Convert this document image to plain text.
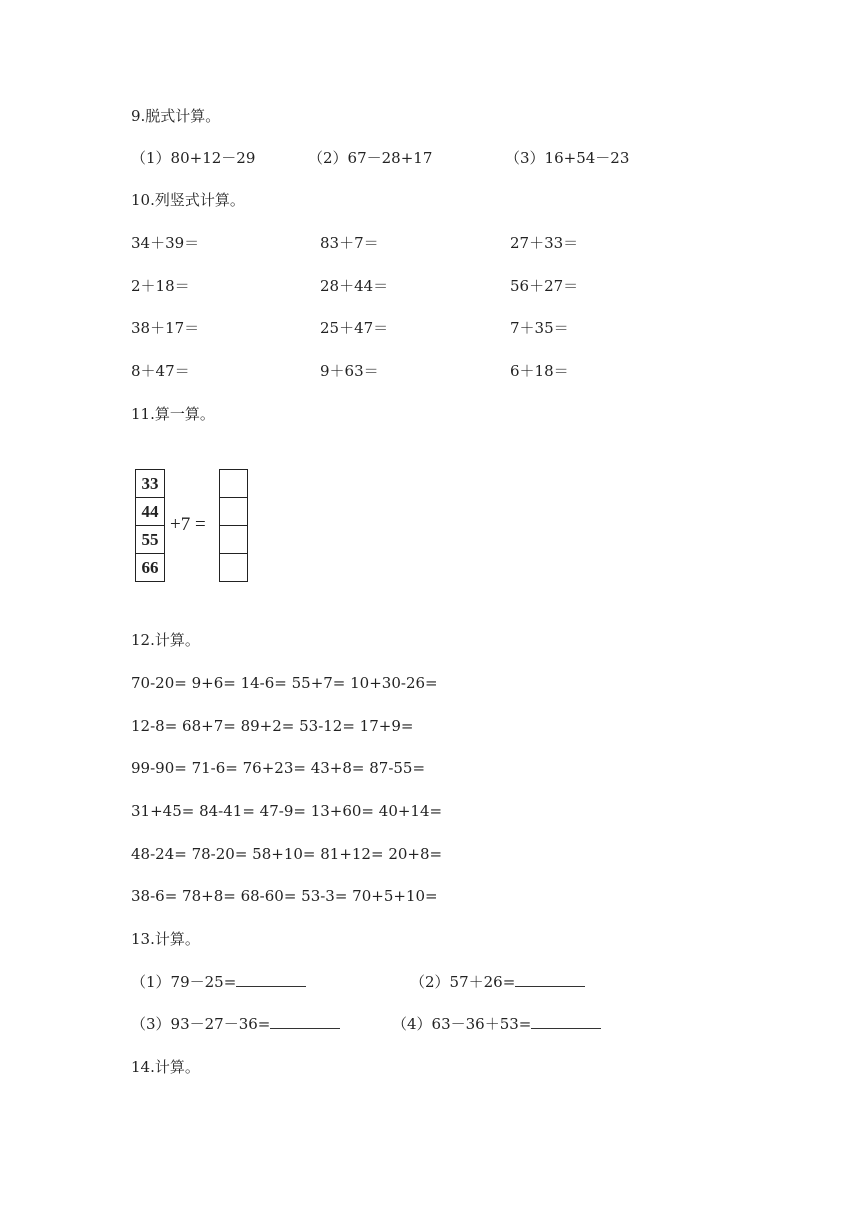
9.脱式计算。
（1）80+12－29	（2）67－28+17	（3）16+54－23
10.列竖式计算。
34＋39＝	83＋7＝	27＋33＝
2＋18＝	28＋44＝	56＋27＝
38＋17＝	25＋47＝	7＋35＝
8＋47＝	9＋63＝	6＋18＝
11.算一算。
33
44
55
66
+7 =
12.计算。
70-20= 9+6= 14-6= 55+7= 10+30-26=
12-8= 68+7= 89+2= 53-12= 17+9=
99-90= 71-6= 76+23= 43+8= 87-55=
31+45= 84-41= 47-9= 13+60= 40+14=
48-24= 78-20= 58+10= 81+12= 20+8=
38-6= 78+8= 68-60= 53-3= 70+5+10=
13.计算。
（1）79－25=	（2）57＋26=
（3）93－27－36=	（4）63－36＋53=
14.计算。
